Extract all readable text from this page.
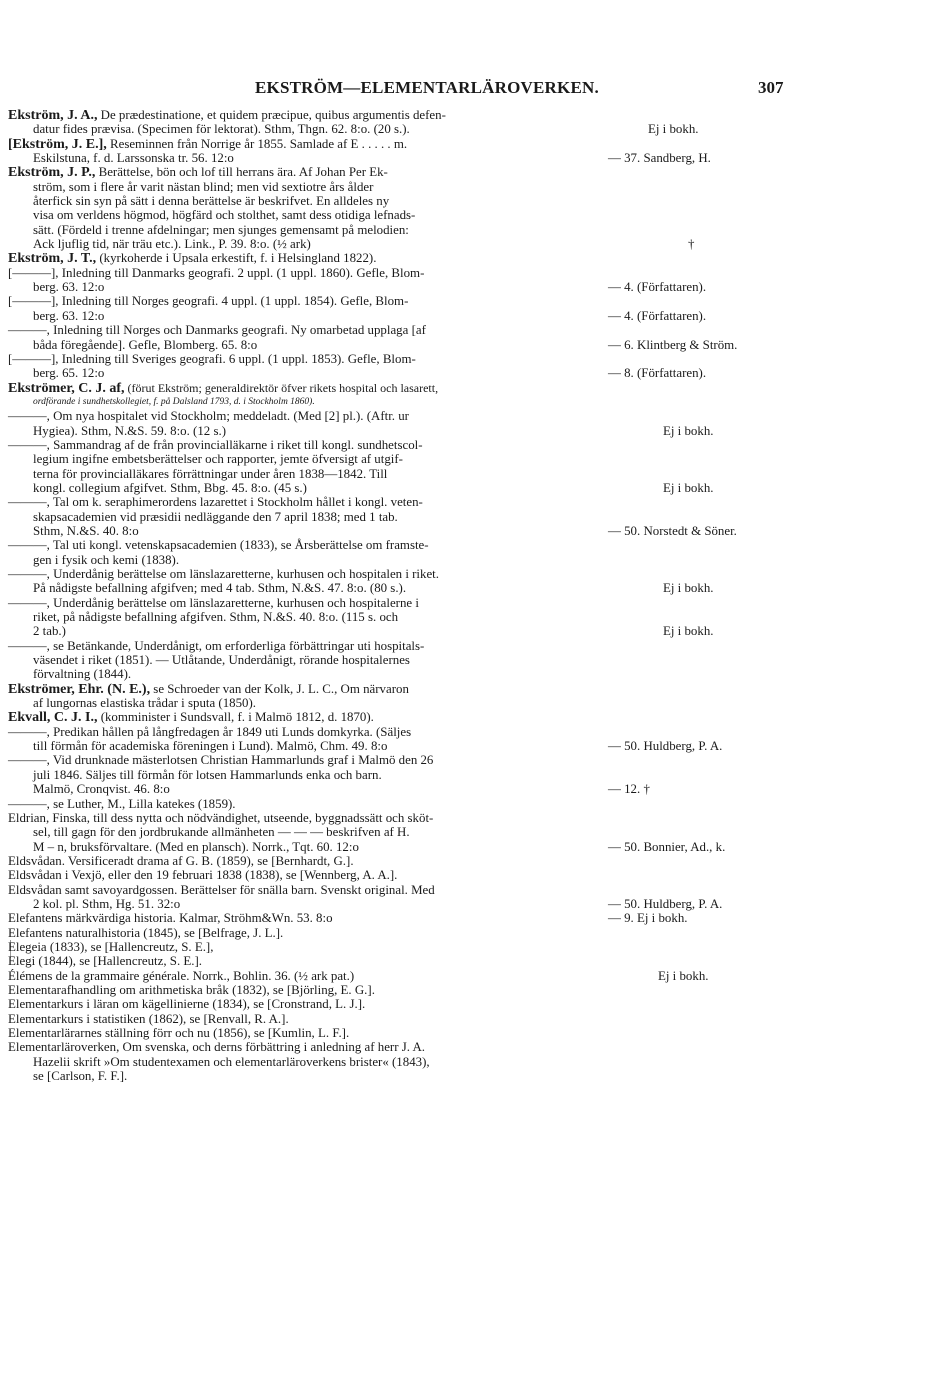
EKSTRÖM—ELEMENTARLÄROVERKEN.	307
Ekström, J. A., De prædestinatione, et quidem præcipue, quibus argumentis defen-
datur fides prævisa. (Specimen för lektorat). Sthm, Thgn. 62. 8:o. (20 s.).	Ej i bokh.
[Ekström, J. E.], Reseminnen från Norrige år 1855. Samlade af E . . . . . m.
Eskilstuna, f. d. Larssonska tr. 56. 12:o	— 37. Sandberg, H.
Ekström, J. P., Berättelse, bön och lof till herrans ära. Af Johan Per Ek-
ström, som i flere år varit nästan blind; men vid sextiotre års ålder
återfick sin syn på sätt i denna berättelse är beskrifvet. En alldeles ny
visa om verldens högmod, högfärd och stolthet, samt dess otidiga lefnads-
sätt. (Fördeld i trenne afdelningar; men sjunges gemensamt på melodien:
Ack ljuflig tid, när träu etc.). Link., P. 39. 8:o. (½ ark)	†
Ekström, J. T., (kyrkoherde i Upsala erkestift, f. i Helsingland 1822).
[———], Inledning till Danmarks geografi. 2 uppl. (1 uppl. 1860). Gefle, Blom-
berg. 63. 12:o	— 4. (Författaren).
[———], Inledning till Norges geografi. 4 uppl. (1 uppl. 1854). Gefle, Blom-
berg. 63. 12:o	— 4. (Författaren).
———, Inledning till Norges och Danmarks geografi. Ny omarbetad upplaga [af
båda föregående]. Gefle, Blomberg. 65. 8:o	— 6. Klintberg & Ström.
[———], Inledning till Sveriges geografi. 6 uppl. (1 uppl. 1853). Gefle, Blom-
berg. 65. 12:o	— 8. (Författaren).
Ekströmer, C. J. af, (förut Ekström; generaldirektör öfver rikets hospital och lasarett,
ordförande i sundhetskollegiet, f. på Dalsland 1793, d. i Stockholm 1860).
———, Om nya hospitalet vid Stockholm; meddeladt. (Med [2] pl.). (Aftr. ur
Hygiea). Sthm, N.&S. 59. 8:o. (12 s.)	Ej i bokh.
———, Sammandrag af de från provincialläkarne i riket till kongl. sundhetscol-
legium ingifne embetsberättelser och rapporter, jemte öfversigt af utgif-
terna för provincialläkares förrättningar under åren 1838—1842. Till
kongl. collegium afgifvet. Sthm, Bbg. 45. 8:o. (45 s.)	Ej i bokh.
———, Tal om k. seraphimerordens lazarettet i Stockholm hållet i kongl. veten-
skapsacademien vid præsidii nedläggande den 7 april 1838; med 1 tab.
Sthm, N.&S. 40. 8:o	— 50. Norstedt & Söner.
———, Tal uti kongl. vetenskapsacademien (1833), se Årsberättelse om framste-
gen i fysik och kemi (1838).
———, Underdånig berättelse om länslazaretterne, kurhusen och hospitalen i riket.
På nådigste befallning afgifven; med 4 tab. Sthm, N.&S. 47. 8:o. (80 s.).	Ej i bokh.
———, Underdånig berättelse om länslazaretterne, kurhusen och hospitalerne i
riket, på nådigste befallning afgifven. Sthm, N.&S. 40. 8:o. (115 s. och
2 tab.)	Ej i bokh.
———, se Betänkande, Underdånigt, om erforderliga förbättringar uti hospitals-
väsendet i riket (1851). — Utlåtande, Underdånigt, rörande hospitalernes
förvaltning (1844).
Ekströmer, Ehr. (N. E.), se Schroeder van der Kolk, J. L. C., Om närvaron
af lungornas elastiska trådar i sputa (1850).
Ekvall, C. J. I., (komminister i Sundsvall, f. i Malmö 1812, d. 1870).
———, Predikan hållen på långfredagen år 1849 uti Lunds domkyrka. (Säljes
till förmån för academiska föreningen i Lund). Malmö, Chm. 49. 8:o	— 50. Huldberg, P. A.
———, Vid drunknade mästerlotsen Christian Hammarlunds graf i Malmö den 26
juli 1846. Säljes till förmån för lotsen Hammarlunds enka och barn.
Malmö, Cronqvist. 46. 8:o	— 12. †
———, se Luther, M., Lilla katekes (1859).
Eldrian, Finska, till dess nytta och nödvändighet, utseende, byggnadssätt och sköt-
sel, till gagn för den jordbrukande allmänheten — — — beskrifven af H.
M – n, bruksförvaltare. (Med en plansch). Norrk., Tqt. 60. 12:o	— 50. Bonnier, Ad., k.
Eldsvådan. Versificeradt drama af G. B. (1859), se [Bernhardt, G.].
Eldsvådan i Vexjö, eller den 19 februari 1838 (1838), se [Wennberg, A. A.].
Eldsvådan samt savoyardgossen. Berättelser för snälla barn. Svenskt original. Med
2 kol. pl. Sthm, Hg. 51. 32:o	— 50. Huldberg, P. A.
Elefantens märkvärdiga historia. Kalmar, Ströhm&Wn. 53. 8:o	— 9. Ej i bokh.
Elefantens naturalhistoria (1845), se [Belfrage, J. L.].
Elegeia (1833), se [Hallencreutz, S. E.],
Elegi (1844), se [Hallencreutz, S. E.].
Élémens de la grammaire générale. Norrk., Bohlin. 36. (½ ark pat.)	Ej i bokh.
Elementarafhandling om arithmetiska bråk (1832), se [Björling, E. G.].
Elementarkurs i läran om kägellinierne (1834), se [Cronstrand, L. J.].
Elementarkurs i statistiken (1862), se [Renvall, R. A.].
Elementarlärarnes ställning förr och nu (1856), se [Kumlin, L. F.].
Elementarläroverken, Om svenska, och derns förbättring i anledning af herr J. A.
Hazelii skrift »Om studentexamen och elementarläroverkens brister« (1843),
se [Carlson, F. F.].
